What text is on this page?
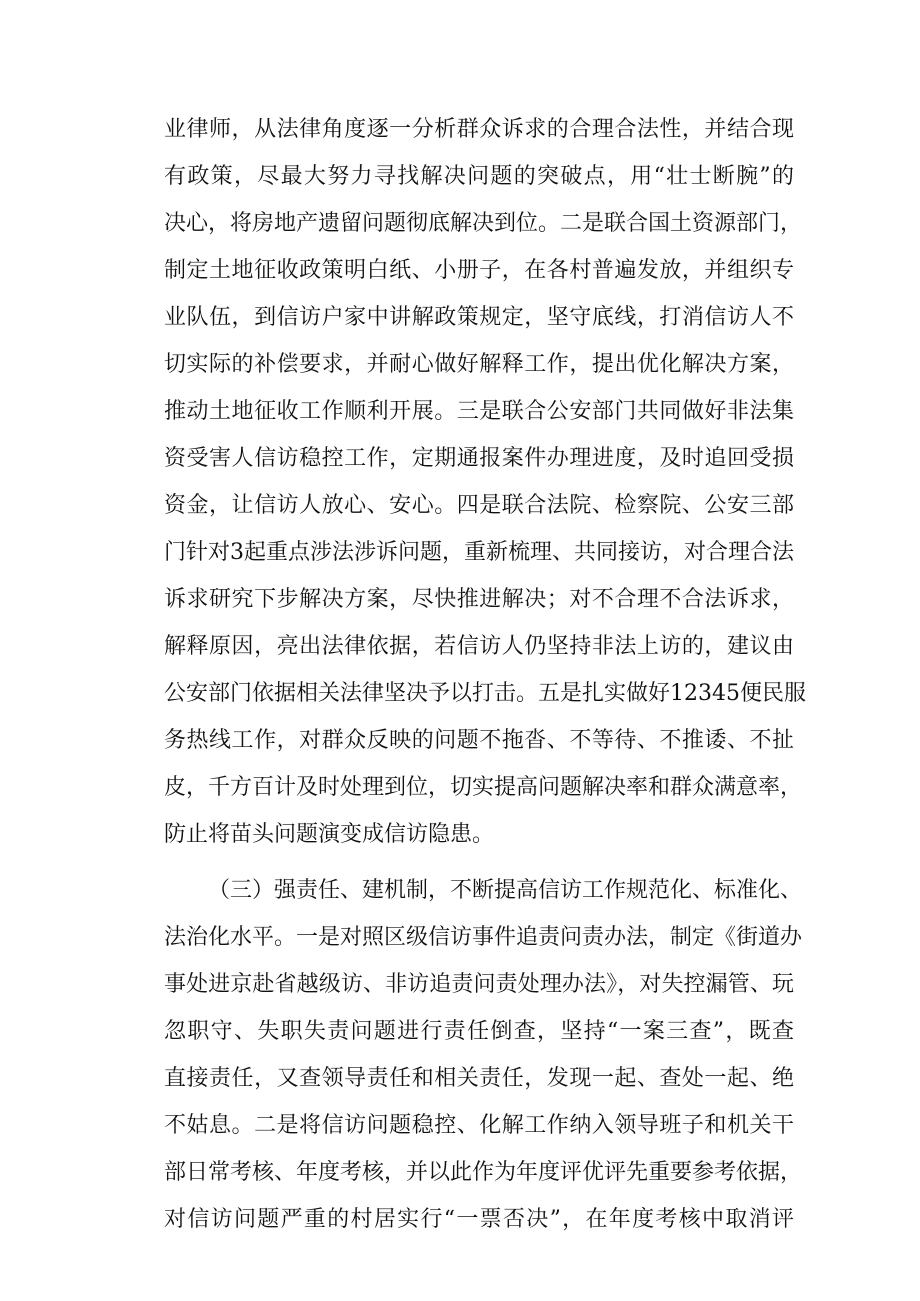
业律师，从法律角度逐一分析群众诉求的合理合法性，并结合现
有政策，尽最大努力寻找解决问题的突破点，用“壮士断腕”的
决心，将房地产遗留问题彻底解决到位。二是联合国土资源部门，
制定土地征收政策明白纸、小册子，在各村普遍发放，并组织专
业队伍，到信访户家中讲解政策规定，坚守底线，打消信访人不
切实际的补偿要求，并耐心做好解释工作，提出优化解决方案，
推动土地征收工作顺利开展。三是联合公安部门共同做好非法集
资受害人信访稳控工作，定期通报案件办理进度，及时追回受损
资金，让信访人放心、安心。四是联合法院、检察院、公安三部
门针对3起重点涉法涉诉问题，重新梳理、共同接访，对合理合法
诉求研究下步解决方案，尽快推进解决；对不合理不合法诉求，
解释原因，亮出法律依据，若信访人仍坚持非法上访的，建议由
公安部门依据相关法律坚决予以打击。五是扎实做好12345便民服
务热线工作，对群众反映的问题不拖沓、不等待、不推诿、不扯
皮，千方百计及时处理到位，切实提高问题解决率和群众满意率，
防止将苗头问题演变成信访隐患。
（三）强责任、建机制，不断提高信访工作规范化、标准化、
法治化水平。一是对照区级信访事件追责问责办法，制定《街道办
事处进京赴省越级访、非访追责问责处理办法》，对失控漏管、玩
忽职守、失职失责问题进行责任倒查，坚持“一案三查”，既查
直接责任，又查领导责任和相关责任，发现一起、查处一起、绝
不姑息。二是将信访问题稳控、化解工作纳入领导班子和机关干
部日常考核、年度考核，并以此作为年度评优评先重要参考依据，
对信访问题严重的村居实行“一票否决”，在年度考核中取消评
